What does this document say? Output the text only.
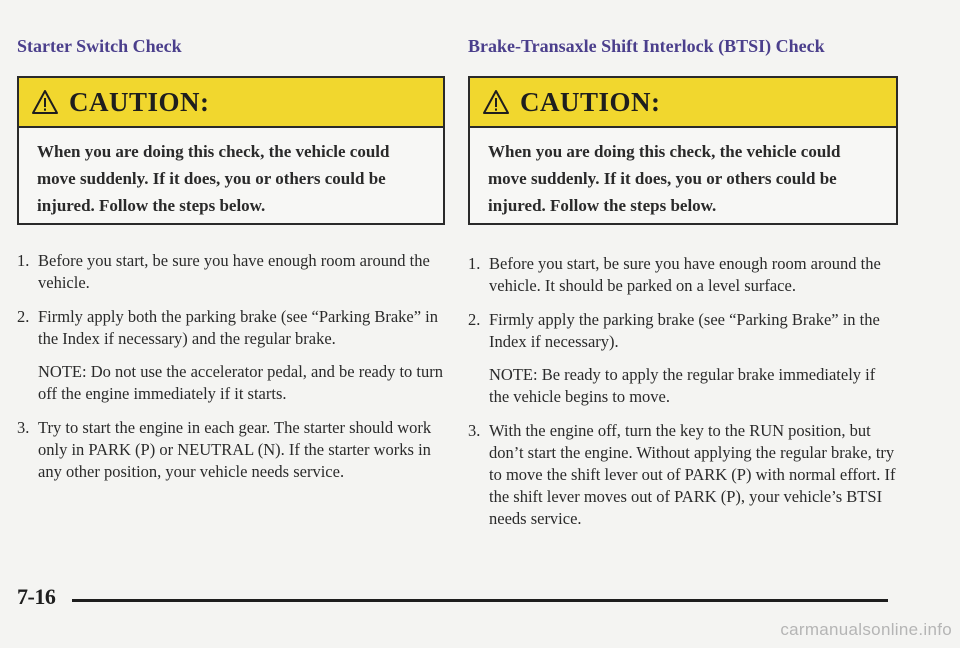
Starter Switch Check
CAUTION:

When you are doing this check, the vehicle could move suddenly. If it does, you or others could be injured. Follow the steps below.

1. Before you start, be sure you have enough room around the vehicle.
2. Firmly apply both the parking brake (see “Parking Brake” in the Index if necessary) and the regular brake.
NOTE: Do not use the accelerator pedal, and be ready to turn off the engine immediately if it starts.
3. Try to start the engine in each gear. The starter should work only in PARK (P) or NEUTRAL (N). If the starter works in any other position, your vehicle needs service.
Brake-Transaxle Shift Interlock (BTSI) Check
CAUTION:

When you are doing this check, the vehicle could move suddenly. If it does, you or others could be injured. Follow the steps below.

1. Before you start, be sure you have enough room around the vehicle. It should be parked on a level surface.
2. Firmly apply the parking brake (see “Parking Brake” in the Index if necessary).
NOTE: Be ready to apply the regular brake immediately if the vehicle begins to move.
3. With the engine off, turn the key to the RUN position, but don’t start the engine. Without applying the regular brake, try to move the shift lever out of PARK (P) with normal effort. If the shift lever moves out of PARK (P), your vehicle’s BTSI needs service.
7-16
carmanualsonline.info
